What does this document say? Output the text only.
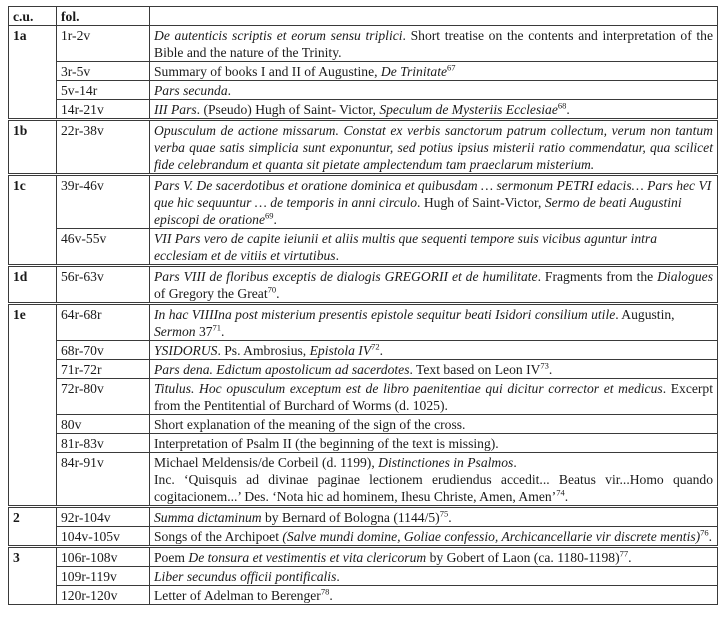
c.u.	fol.	
1a	1r-2v	De autenticis scriptis et eorum sensu triplici. Short treatise on the contents and interpretation of the Bible and the nature of the Trinity.
	3r-5v	Summary of books I and II of Augustine, De Trinitate$^{67}$
	5v-14r	Pars secunda.
	14r-21v	III Pars. (Pseudo) Hugh of Saint- Victor, Speculum de Mysteriis Ecclesiae$^{68}$.
1b	22r-38v	Opusculum de actione missarum. Constat ex verbis sanctorum patrum collectum, verum non tantum verba quae satis simplicia sunt exponuntur, sed potius ipsius misterii ratio commendatur, qua scilicet fide celebrandum et quanta sit pietate amplectendum tam praeclarum misterium.
1c	39r-46v	Pars V. De sacerdotibus et oratione dominica et quibusdam … sermonum PETRI edacis… Pars hec VI que hic sequuntur … de temporis in anni circulo. Hugh of Saint-Victor, Sermo de beati Augustini episcopi de oratione$^{69}$.
	46v-55v	VII Pars vero de capite ieiunii et aliis multis que sequenti tempore suis vicibus aguntur intra ecclesiam et de vitiis et virtutibus.
1d	56r-63v	Pars VIII de floribus exceptis de dialogis GREGORII et de humilitate. Fragments from the Dialogues of Gregory the Great$^{70}$.
1e	64r-68r	In hac VIIIIna post misterium presentis epistole sequitur beati Isidori consilium utile. Augustin, Sermon $37^{71}$.
	68r-70v	YSIDORUS. Ps. Ambrosius, Epistola IV$^{72}$.
	71r-72r	Pars dena. Edictum apostolicum ad sacerdotes. Text based on Leon IV$^{73}$.
	72r-80v	Titulus. Hoc opusculum exceptum est de libro paenitentiae qui dicitur corrector et medicus. Excerpt from the Pentitential of Burchard of Worms (d. 1025).
	80v	Short explanation of the meaning of the sign of the cross.
	81r-83v	Interpretation of Psalm II (the beginning of the text is missing).
	84r-91v	Michael Meldensis/de Corbeil (d. 1199), Distinctiones in Psalmos.
Inc. ‘Quisquis ad divinae paginae lectionem erudiendus accedit... Beatus vir...Homo quando cogitacionem...’ Des. ‘Nota hic ad hominem, Ihesu Christe, Amen, Amen’$^{74}$.
2	92r-104v	Summa dictaminum by Bernard of Bologna $(1144/5)^{75}$.
	104v-105v	Songs of the Archipoet (Salve mundi domine, Goliae confessio, Archicancellarie vir discrete mentis)$^{76}$.
3	106r-108v	Poem De tonsura et vestimentis et vita clericorum by Gobert of Laon (ca. 1180-1198)$^{77}$.
	109r-119v	Liber secundus officii pontificalis.
	120r-120v	Letter of Adelman to Berenger$^{78}$.
